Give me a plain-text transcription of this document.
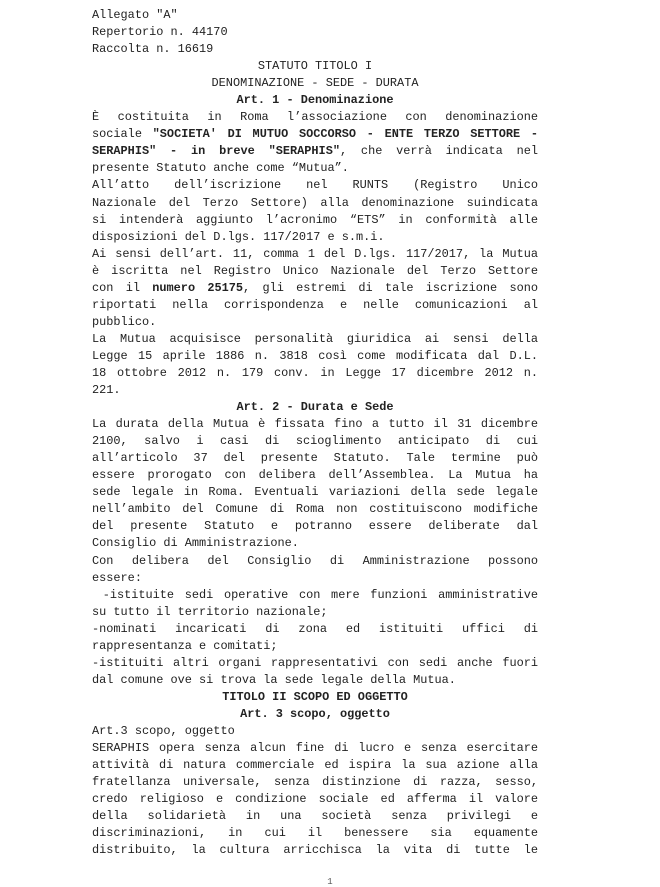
Allegato "A"
Repertorio n. 44170
Raccolta n. 16619
STATUTO TITOLO I
DENOMINAZIONE - SEDE - DURATA
Art. 1 - Denominazione
È costituita in Roma l’associazione con denominazione
sociale "SOCIETA' DI MUTUO SOCCORSO - ENTE TERZO SETTORE -
SERAPHIS" - in breve "SERAPHIS", che verrà indicata nel
presente Statuto anche come “Mutua”.
All’atto dell’iscrizione nel RUNTS (Registro Unico
Nazionale del Terzo Settore) alla denominazione suindicata
si intenderà aggiunto l’acronimo “ETS” in conformità alle
disposizioni del D.lgs. 117/2017 e s.m.i.
Ai sensi dell’art. 11, comma 1 del D.lgs. 117/2017, la Mutua
è iscritta nel Registro Unico Nazionale del Terzo Settore
con il numero 25175, gli estremi di tale iscrizione sono
riportati nella corrispondenza e nelle comunicazioni al
pubblico.
La Mutua acquisisce personalità giuridica ai sensi della
Legge 15 aprile 1886 n. 3818 così come modificata dal D.L.
18 ottobre 2012 n. 179 conv. in Legge 17 dicembre 2012 n.
221.
Art. 2 - Durata e Sede
La durata della Mutua è fissata fino a tutto il 31 dicembre
2100, salvo i casi di scioglimento anticipato di cui
all’articolo 37 del presente Statuto. Tale termine può
essere prorogato con delibera dell’Assemblea. La Mutua ha
sede legale in Roma. Eventuali variazioni della sede legale
nell’ambito del Comune di Roma non costituiscono modifiche
del presente Statuto e potranno essere deliberate dal
Consiglio di Amministrazione.
Con delibera del Consiglio di Amministrazione possono
essere:
-istituite sedi operative con mere funzioni amministrative
su tutto il territorio nazionale;
-nominati incaricati di zona ed istituiti uffici di
rappresentanza e comitati;
-istituiti altri organi rappresentativi con sedi anche fuori
dal comune ove si trova la sede legale della Mutua.
TITOLO II SCOPO ED OGGETTO
Art. 3 scopo, oggetto
Art.3 scopo, oggetto
SERAPHIS opera senza alcun fine di lucro e senza esercitare
attività di natura commerciale ed ispira la sua azione alla
fratellanza universale, senza distinzione di razza, sesso,
credo religioso e condizione sociale ed afferma il valore
della solidarietà in una società senza privilegi e
discriminazioni, in cui il benessere sia equamente
distribuito, la cultura arricchisca la vita di tutte le
1
